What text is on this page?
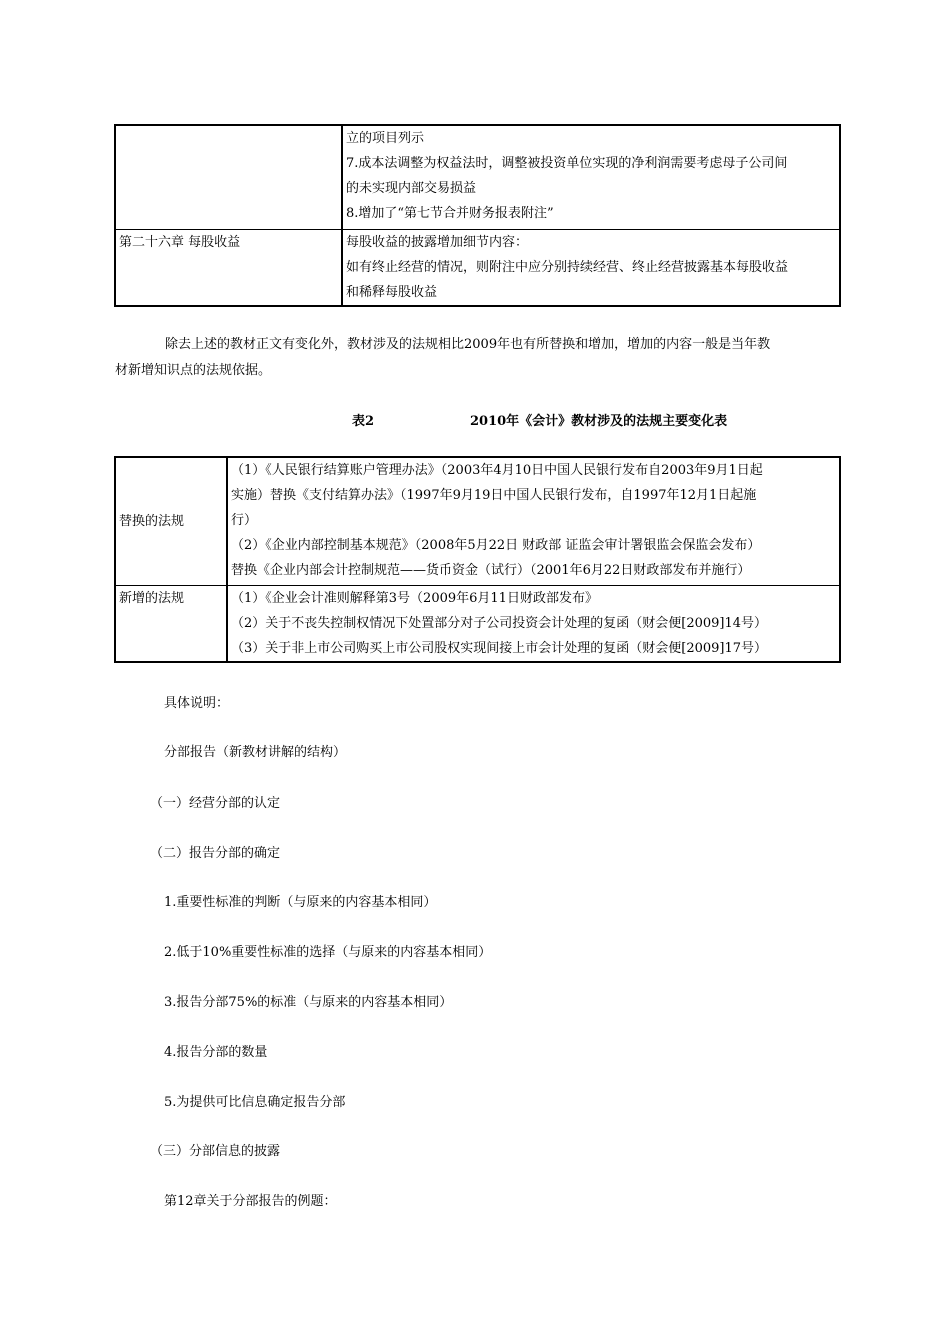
	立的项目列示
7.成本法调整为权益法时，调整被投资单位实现的净利润需要考虑母子公司间
的未实现内部交易损益
8.增加了“第七节合并财务报表附注”

第二十六章 每股收益	每股收益的披露增加细节内容：
如有终止经营的情况，则附注中应分别持续经营、终止经营披露基本每股收益
和稀释每股收益
除去上述的教材正文有变化外，教材涉及的法规相比2009年也有所替换和增加，增加的内容一般是当年教
材新增知识点的法规依据。
表2	2010年《会计》教材涉及的法规主要变化表
替换的法规	（1）《人民银行结算账户管理办法》（2003年4月10日中国人民银行发布自2003年9月1日起
实施）替换《支付结算办法》（1997年9月19日中国人民银行发布，自1997年12月1日起施
行）
（2）《企业内部控制基本规范》（2008年5月22日 财政部 证监会审计署银监会保监会发布）
替换《企业内部会计控制规范——货币资金（试行）（2001年6月22日财政部发布并施行）

新增的法规	（1）《企业会计准则解释第3号（2009年6月11日财政部发布》
（2）关于不丧失控制权情况下处置部分对子公司投资会计处理的复函（财会便[2009]14号）
（3）关于非上市公司购买上市公司股权实现间接上市会计处理的复函（财会便[2009]17号）
具体说明：
分部报告（新教材讲解的结构）
（一）经营分部的认定
（二）报告分部的确定
1.重要性标准的判断（与原来的内容基本相同）
2.低于10%重要性标准的选择（与原来的内容基本相同）
3.报告分部75%的标准（与原来的内容基本相同）
4.报告分部的数量
5.为提供可比信息确定报告分部
（三）分部信息的披露
第12章关于分部报告的例题：
